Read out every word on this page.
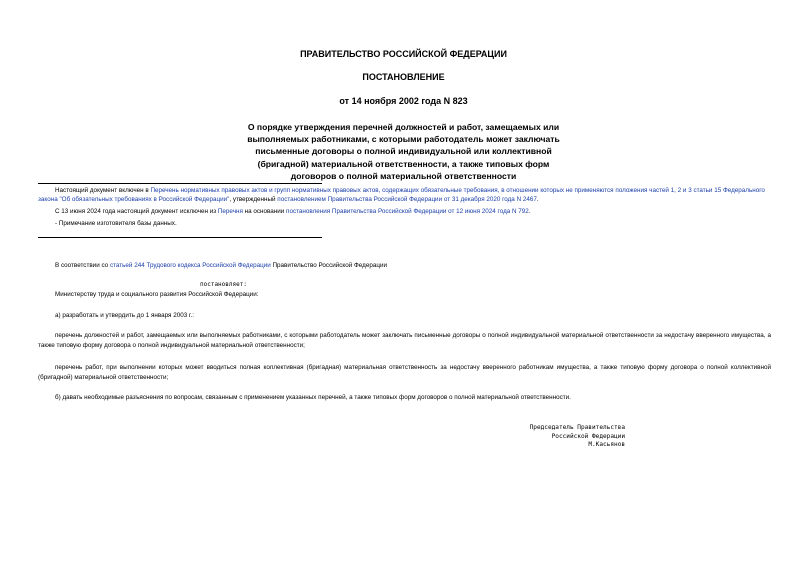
ПРАВИТЕЛЬСТВО РОССИЙСКОЙ ФЕДЕРАЦИИ
ПОСТАНОВЛЕНИЕ
от 14 ноября 2002 года N 823
О порядке утверждения перечней должностей и работ, замещаемых или
выполняемых работниками, с которыми работодатель может заключать
письменные договоры о полной индивидуальной или коллективной
(бригадной) материальной ответственности, а также типовых форм
договоров о полной материальной ответственности

Настоящий документ включен в Перечень нормативных правовых актов и групп нормативных правовых актов, содержащих обязательные требования, в отношении которых не применяются положения частей 1, 2 и 3 статьи 15 Федерального закона "Об обязательных требованиях в Российской Федерации", утвержденный постановлением Правительства Российской Федерации от 31 декабря 2020 года N 2467.

С 13 июня 2024 года настоящий документ исключен из Перечня на основании постановления Правительства Российской Федерации от 12 июня 2024 года N 792.

- Примечание изготовителя базы данных.

В соответствии со статьей 244 Трудового кодекса Российской Федерации Правительство Российской Федерации

постановляет:

Министерству труда и социального развития Российской Федерации:

а) разработать и утвердить до 1 января 2003 г.:

перечень должностей и работ, замещаемых или выполняемых работниками, с которыми работодатель может заключать письменные договоры о полной индивидуальной материальной ответственности за недостачу вверенного имущества, а также типовую форму договора о полной индивидуальной материальной ответственности;

перечень работ, при выполнении которых может вводиться полная коллективная (бригадная) материальная ответственность за недостачу вверенного работникам имущества, а также типовую форму договора о полной коллективной (бригадной) материальной ответственности;

б) давать необходимые разъяснения по вопросам, связанным с применением указанных перечней, а также типовых форм договоров о полной материальной ответственности.

Председатель Правительства
Российской Федерации
М.Касьянов
